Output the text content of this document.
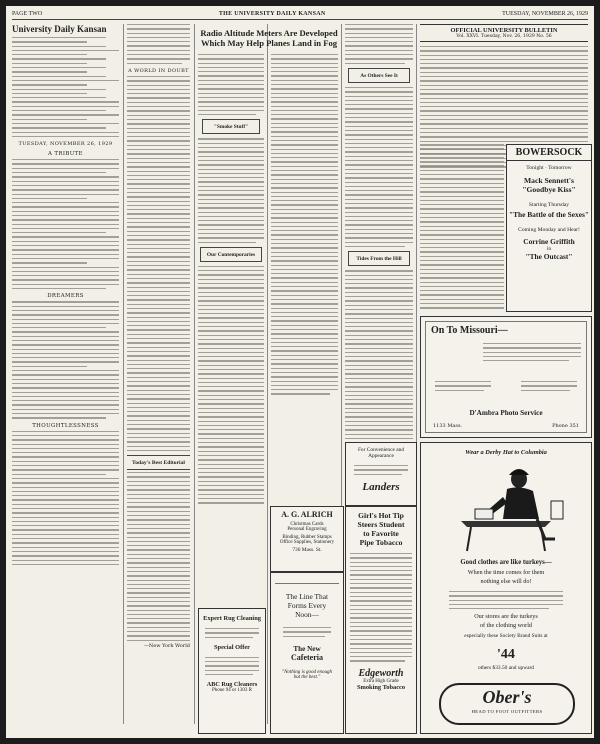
PAGE TWO	THE UNIVERSITY DAILY KANSAN	TUESDAY, NOVEMBER 26, 1929
University Daily Kansan
TUESDAY, NOVEMBER 26, 1929
A TRIBUTE
DREAMERS
THOUGHTLESSNESS
A WORLD IN DOUBT
Today's Best Editorial
—New York World
Radio Altitude Meters Are Developed
Which May Help Planes Land in Fog
"Smoke Stuff"
Our Contemporaries
As Others See It
Tides From the Hill
OFFICIAL UNIVERSITY BULLETIN
Vol. XXVI. Tuesday, Nov. 26, 1929 No. 56
BOWERSOCK
Tonight · Tomorrow
Mack Sennett's
"Goodbye Kiss"
Starting Thursday
"The Battle of the Sexes"
Coming Monday and Hear!
Corrine Griffith
in
"The Outcast"
On To Missouri—
D'Ambra Photo Service
1133 Mass.	Phone 351
Wear a Derby Hat to Columbia
Good clothes are like turkeys—
When the time comes for them
nothing else will do!
Our stores are the turkeys
of the clothing world
especially these Society Brand Suits at
'44
others $33.50 and upward
Ober's
HEAD TO FOOT OUTFITTERS
A. G. ALRICH
Christmas Cards
Personal Engraving
Binding, Rubber Stamps
Office Supplies, Stationery
736 Mass. St.
The Line That
Forms Every
Noon—
The New
Cafeteria
"Nothing is good enough but the best."
For Convenience and Appearance
Landers
Girl's Hot Tip
Steers Student
to Favorite
Pipe Tobacco
Edgeworth
Extra High Grade
Smoking Tobacco
Expert Rug Cleaning
Special Offer
ABC Rug Cleaners
Phone 94 or 1303 R
